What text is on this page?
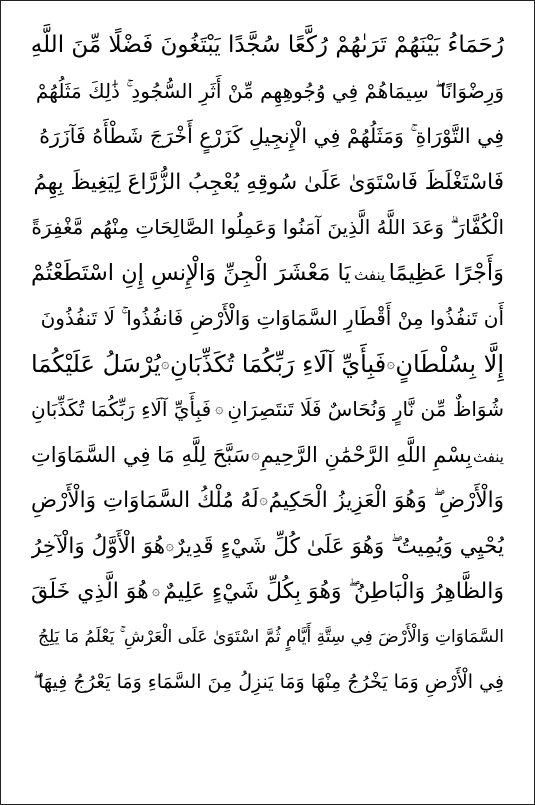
رُحَمَاءُ بَيْنَهُمْ تَرَىٰهُمْ رُكَّعًا سُجَّدًا يَبْتَغُونَ فَضْلًا مِّنَ اللَّهِ
وَرِضْوَانًا ۖ سِيمَاهُمْ فِي وُجُوهِهِم مِّنْ أَثَرِ السُّجُودِ ۚ ذَٰلِكَ مَثَلُهُمْ
فِي التَّوْرَاةِ ۚ وَمَثَلُهُمْ فِي الْإِنجِيلِ كَزَرْعٍ أَخْرَجَ شَطْأَهُ فَآزَرَهُ
فَاسْتَغْلَظَ فَاسْتَوَىٰ عَلَىٰ سُوقِهِ يُعْجِبُ الزُّرَّاعَ لِيَغِيظَ بِهِمُ
الْكُفَّارَ ۗ وَعَدَ اللَّهُ الَّذِينَ آمَنُوا وَعَمِلُوا الصَّالِحَاتِ مِنْهُم مَّغْفِرَةً
وَأَجْرًا عَظِيمًا
ينفث
يَا مَعْشَرَ الْجِنِّ وَالْإِنسِ إِنِ اسْتَطَعْتُمْ
أَن تَنفُذُوا مِنْ أَقْطَارِ السَّمَاوَاتِ وَالْأَرْضِ فَانفُذُوا ۚ لَا تَنفُذُونَ
إِلَّا بِسُلْطَانٍ
۞
فَبِأَيِّ آلَاءِ رَبِّكُمَا تُكَذِّبَانِ
۞
يُرْسَلُ عَلَيْكُمَا
شُوَاظٌ مِّن نَّارٍ وَنُحَاسٌ فَلَا تَنتَصِرَانِ
۞
فَبِأَيِّ آلَاءِ رَبِّكُمَا تُكَذِّبَانِ
ينفث
بِسْمِ اللَّهِ الرَّحْمَٰنِ الرَّحِيمِ
۞
سَبَّحَ لِلَّهِ مَا فِي السَّمَاوَاتِ
وَالْأَرْضِ ۖ وَهُوَ الْعَزِيزُ الْحَكِيمُ
۞
لَهُ مُلْكُ السَّمَاوَاتِ وَالْأَرْضِ
يُحْيِي وَيُمِيتُ ۖ وَهُوَ عَلَىٰ كُلِّ شَيْءٍ قَدِيرٌ
۞
هُوَ الْأَوَّلُ وَالْآخِرُ
وَالظَّاهِرُ وَالْبَاطِنُ ۖ وَهُوَ بِكُلِّ شَيْءٍ عَلِيمٌ
۞
هُوَ الَّذِي خَلَقَ
السَّمَاوَاتِ وَالْأَرْضَ فِي سِتَّةِ أَيَّامٍ ثُمَّ اسْتَوَىٰ عَلَى الْعَرْشِ ۚ يَعْلَمُ مَا يَلِجُ
فِي الْأَرْضِ وَمَا يَخْرُجُ مِنْهَا وَمَا يَنزِلُ مِنَ السَّمَاءِ وَمَا يَعْرُجُ فِيهَا ۖ
